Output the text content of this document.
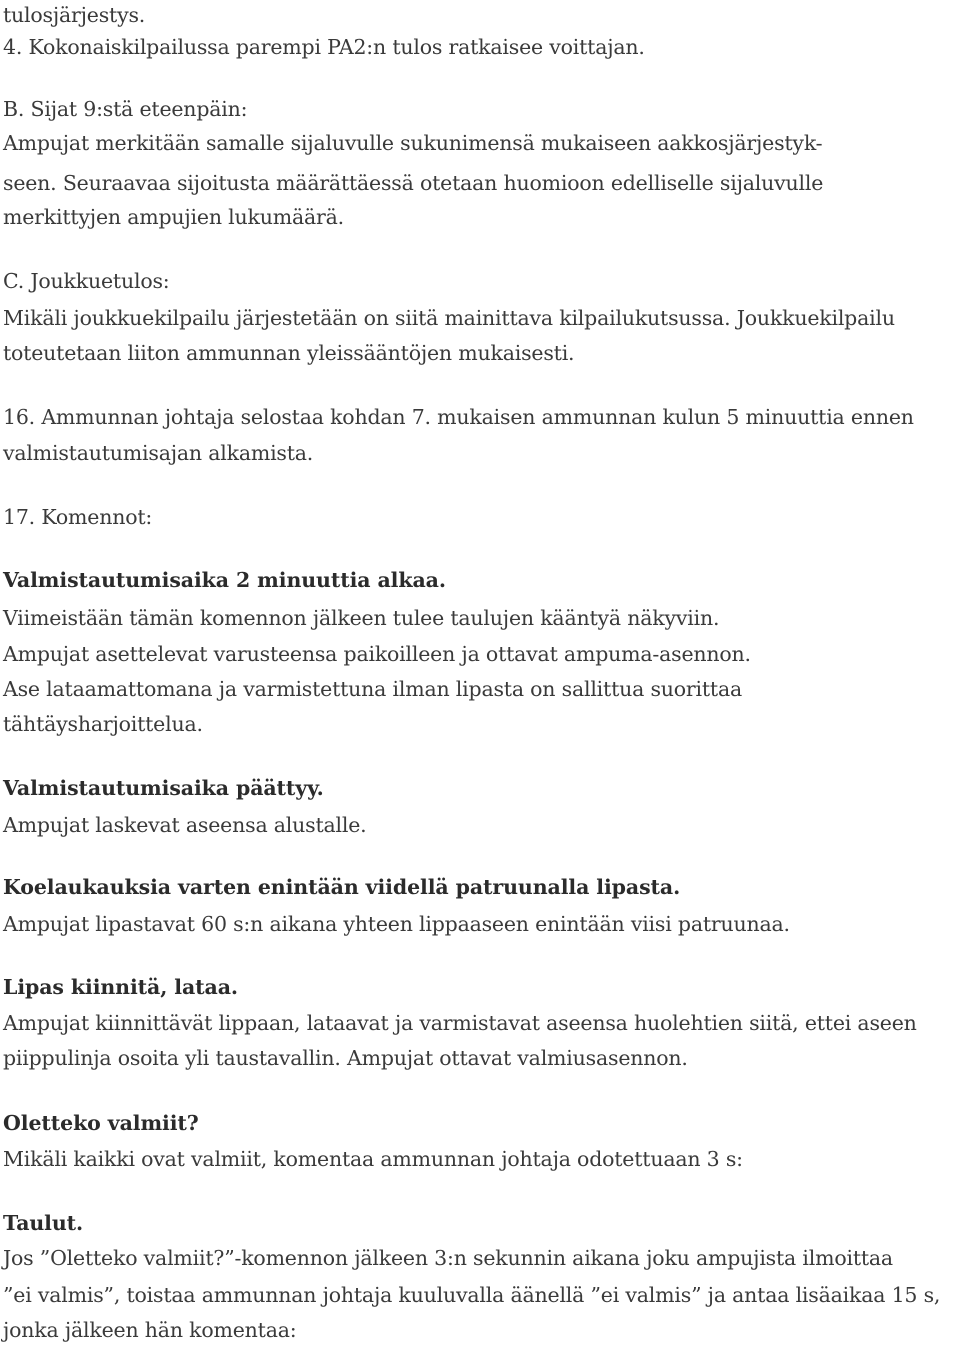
tulosjärjestys.
4. Kokonaiskilpailussa parempi PA2:n tulos ratkaisee voittajan.
B. Sijat 9:stä eteenpäin:
Ampujat merkitään samalle sijaluvulle sukunimensä mukaiseen aakkosjärjestyk-
seen. Seuraavaa sijoitusta määrättäessä otetaan huomioon edelliselle sijaluvulle
merkittyjen ampujien lukumäärä.
C. Joukkuetulos:
Mikäli joukkuekilpailu järjestetään on siitä mainittava kilpailukutsussa. Joukkuekilpailu
toteutetaan liiton ammunnan yleissääntöjen mukaisesti.
16. Ammunnan johtaja selostaa kohdan 7. mukaisen ammunnan kulun 5 minuuttia ennen
valmistautumisajan alkamista.
17. Komennot:
Valmistautumisaika 2 minuuttia alkaa.
Viimeistään tämän komennon jälkeen tulee taulujen kääntyä näkyviin.
Ampujat asettelevat varusteensa paikoilleen ja ottavat ampuma-asennon.
Ase lataamattomana ja varmistettuna ilman lipasta on sallittua suorittaa
tähtäysharjoittelua.
Valmistautumisaika päättyy.
Ampujat laskevat aseensa alustalle.
Koelaukauksia varten enintään viidellä patruunalla lipasta.
Ampujat lipastavat 60 s:n aikana yhteen lippaaseen enintään viisi patruunaa.
Lipas kiinnitä, lataa.
Ampujat kiinnittävät lippaan, lataavat ja varmistavat aseensa huolehtien siitä, ettei aseen
piippulinja osoita yli taustavallin. Ampujat ottavat valmiusasennon.
Oletteko valmiit?
Mikäli kaikki ovat valmiit, komentaa ammunnan johtaja odotettuaan 3 s:
Taulut.
Jos ”Oletteko valmiit?”-komennon jälkeen 3:n sekunnin aikana joku ampujista ilmoittaa
”ei valmis”, toistaa ammunnan johtaja kuuluvalla äänellä ”ei valmis” ja antaa lisäaikaa 15 s,
jonka jälkeen hän komentaa:
